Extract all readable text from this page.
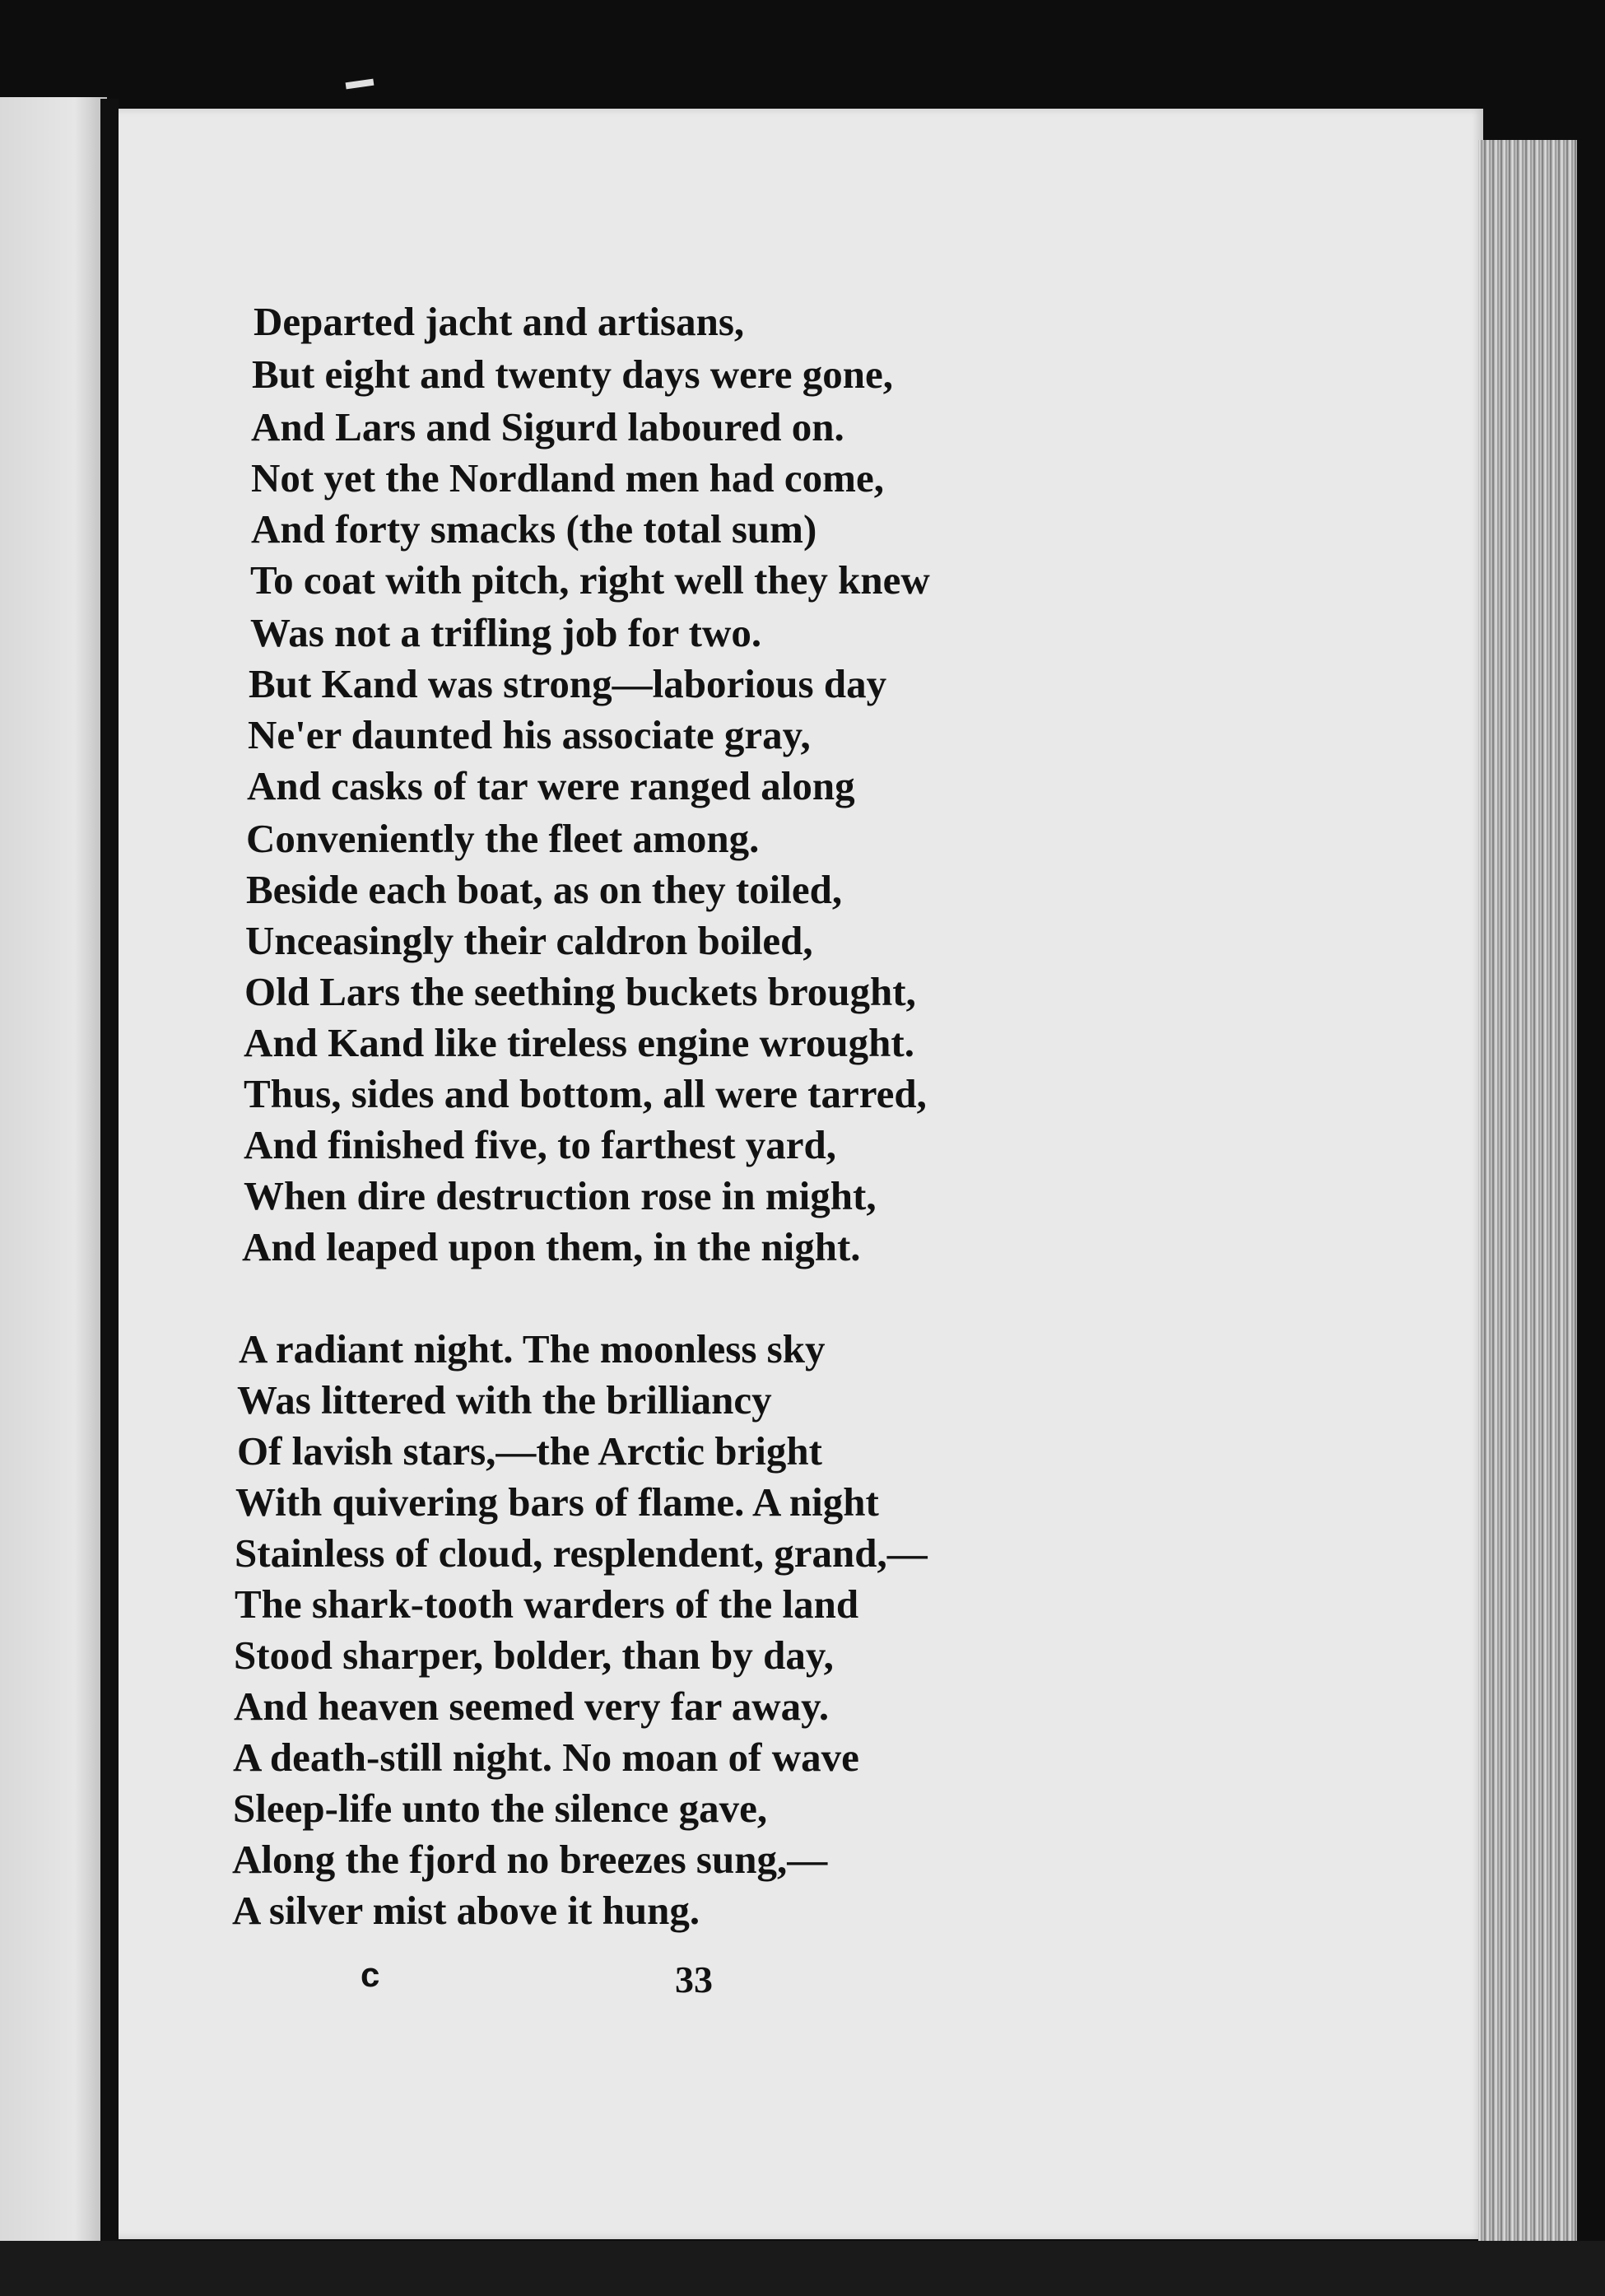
Departed jacht and artisans,
But eight and twenty days were gone,
And Lars and Sigurd laboured on.
Not yet the Nordland men had come,
And forty smacks (the total sum)
To coat with pitch, right well they knew
Was not a trifling job for two.
But Kand was strong—laborious day
Ne'er daunted his associate gray,
And casks of tar were ranged along
Conveniently the fleet among.
Beside each boat, as on they toiled,
Unceasingly their caldron boiled,
Old Lars the seething buckets brought,
And Kand like tireless engine wrought.
Thus, sides and bottom, all were tarred,
And finished five, to farthest yard,
When dire destruction rose in might,
And leaped upon them, in the night.
A radiant night. The moonless sky
Was littered with the brilliancy
Of lavish stars,—the Arctic bright
With quivering bars of flame. A night
Stainless of cloud, resplendent, grand,—
The shark-tooth warders of the land
Stood sharper, bolder, than by day,
And heaven seemed very far away.
A death-still night. No moan of wave
Sleep-life unto the silence gave,
Along the fjord no breezes sung,—
A silver mist above it hung.
c	33
